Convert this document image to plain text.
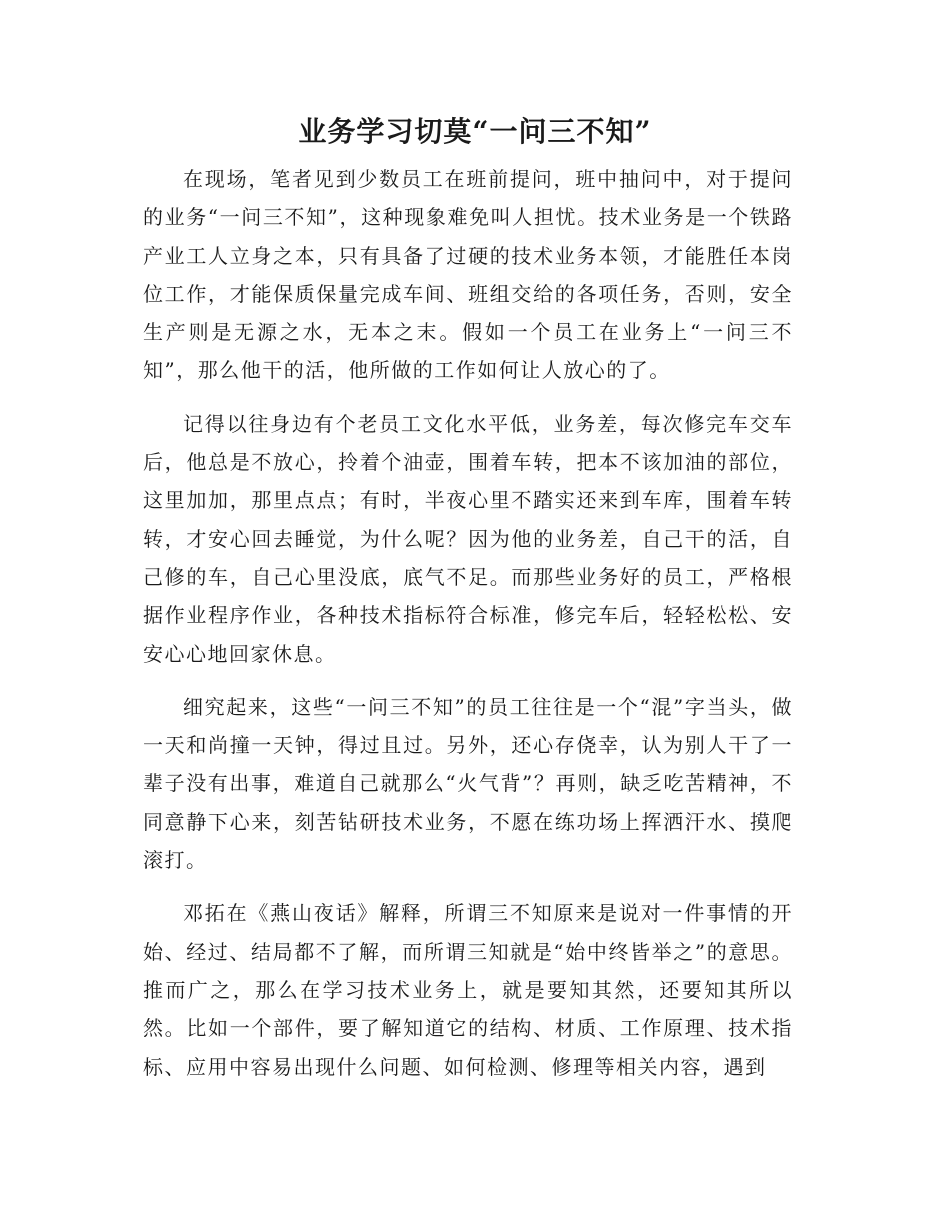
业务学习切莫“一问三不知”

在现场，笔者见到少数员工在班前提问，班中抽问中，对于提问的业务“一问三不知”，这种现象难免叫人担忧。技术业务是一个铁路产业工人立身之本，只有具备了过硬的技术业务本领，才能胜任本岗位工作，才能保质保量完成车间、班组交给的各项任务，否则，安全生产则是无源之水，无本之末。假如一个员工在业务上“一问三不知”，那么他干的活，他所做的工作如何让人放心的了。

记得以往身边有个老员工文化水平低，业务差，每次修完车交车后，他总是不放心，拎着个油壶，围着车转，把本不该加油的部位，这里加加，那里点点；有时，半夜心里不踏实还来到车库，围着车转转，才安心回去睡觉，为什么呢？因为他的业务差，自己干的活，自己修的车，自己心里没底，底气不足。而那些业务好的员工，严格根据作业程序作业，各种技术指标符合标准，修完车后，轻轻松松、安安心心地回家休息。

细究起来，这些“一问三不知”的员工往往是一个“混”字当头，做一天和尚撞一天钟，得过且过。另外，还心存侥幸，认为别人干了一辈子没有出事，难道自己就那么“火气背”？再则，缺乏吃苦精神，不同意静下心来，刻苦钻研技术业务，不愿在练功场上挥洒汗水、摸爬滚打。

邓拓在《燕山夜话》解释，所谓三不知原来是说对一件事情的开始、经过、结局都不了解，而所谓三知就是“始中终皆举之”的意思。推而广之，那么在学习技术业务上，就是要知其然，还要知其所以然。比如一个部件，要了解知道它的结构、材质、工作原理、技术指标、应用中容易出现什么问题、如何检测、修理等相关内容，遇到
